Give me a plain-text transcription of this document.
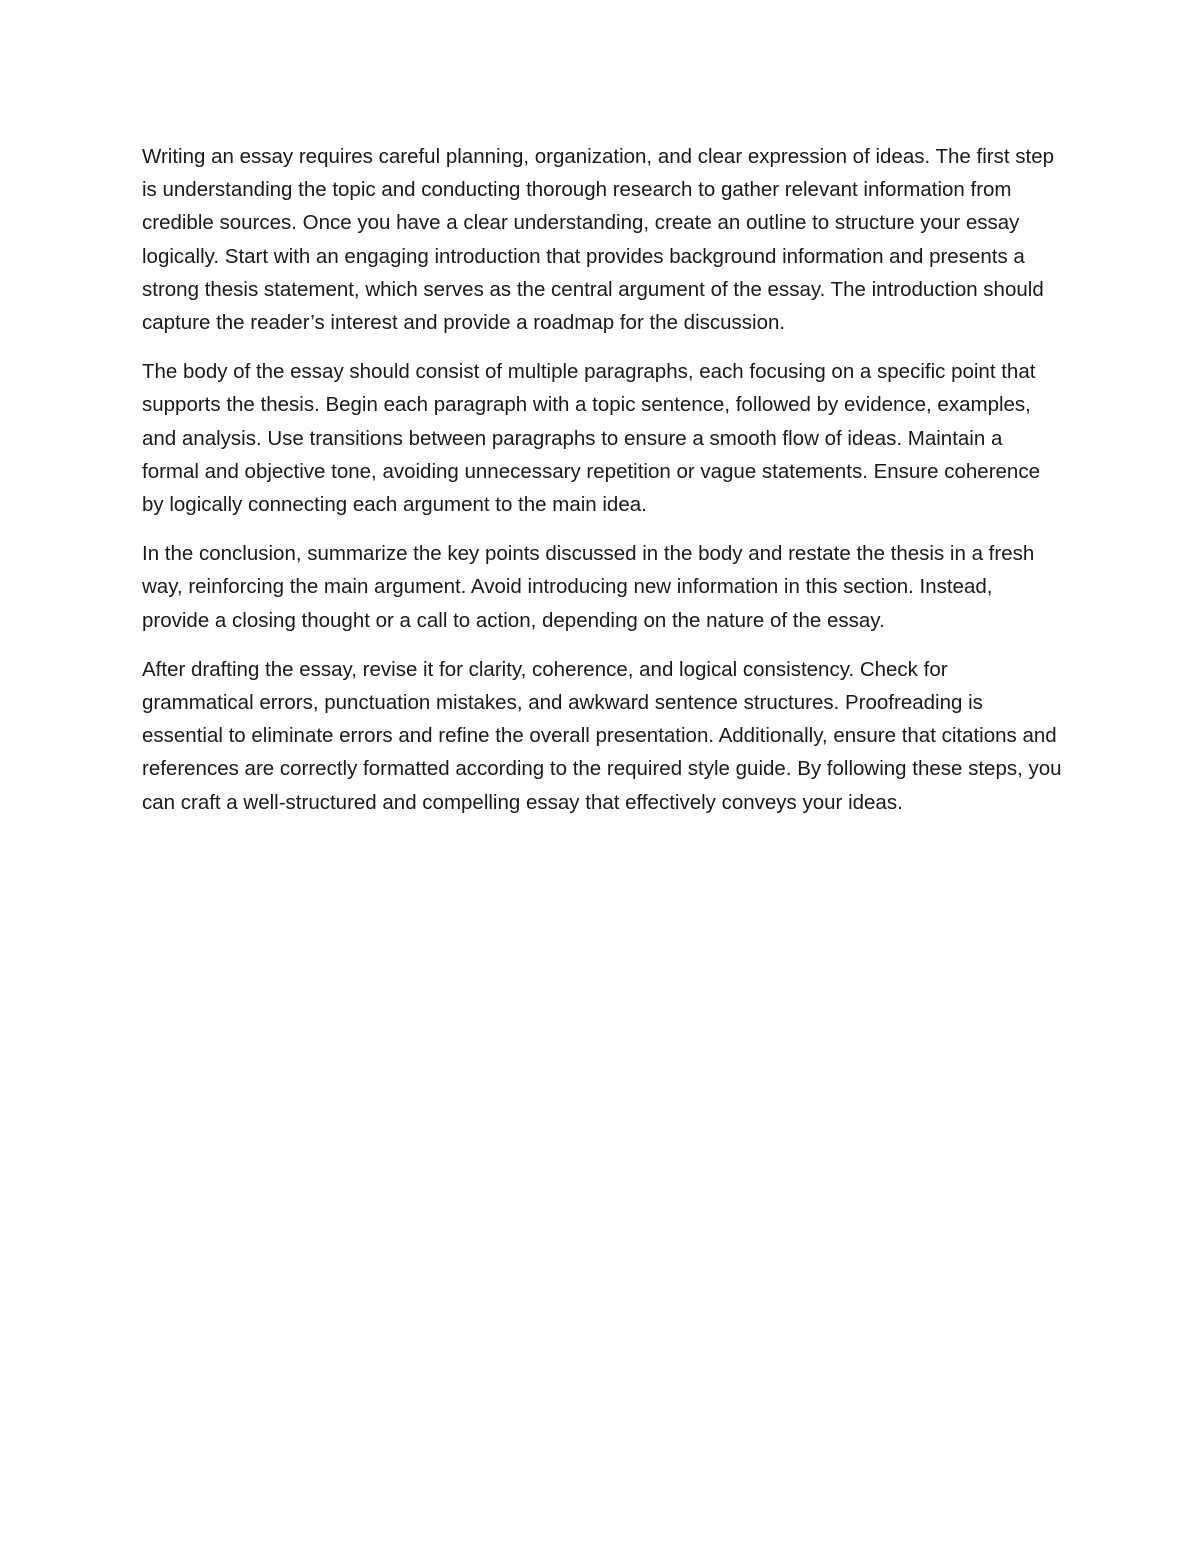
Writing an essay requires careful planning, organization, and clear expression of ideas. The first step is understanding the topic and conducting thorough research to gather relevant information from credible sources. Once you have a clear understanding, create an outline to structure your essay logically. Start with an engaging introduction that provides background information and presents a strong thesis statement, which serves as the central argument of the essay. The introduction should capture the reader’s interest and provide a roadmap for the discussion.

The body of the essay should consist of multiple paragraphs, each focusing on a specific point that supports the thesis. Begin each paragraph with a topic sentence, followed by evidence, examples, and analysis. Use transitions between paragraphs to ensure a smooth flow of ideas. Maintain a formal and objective tone, avoiding unnecessary repetition or vague statements. Ensure coherence by logically connecting each argument to the main idea.

In the conclusion, summarize the key points discussed in the body and restate the thesis in a fresh way, reinforcing the main argument. Avoid introducing new information in this section. Instead, provide a closing thought or a call to action, depending on the nature of the essay.

After drafting the essay, revise it for clarity, coherence, and logical consistency. Check for grammatical errors, punctuation mistakes, and awkward sentence structures. Proofreading is essential to eliminate errors and refine the overall presentation. Additionally, ensure that citations and references are correctly formatted according to the required style guide. By following these steps, you can craft a well-structured and compelling essay that effectively conveys your ideas.
